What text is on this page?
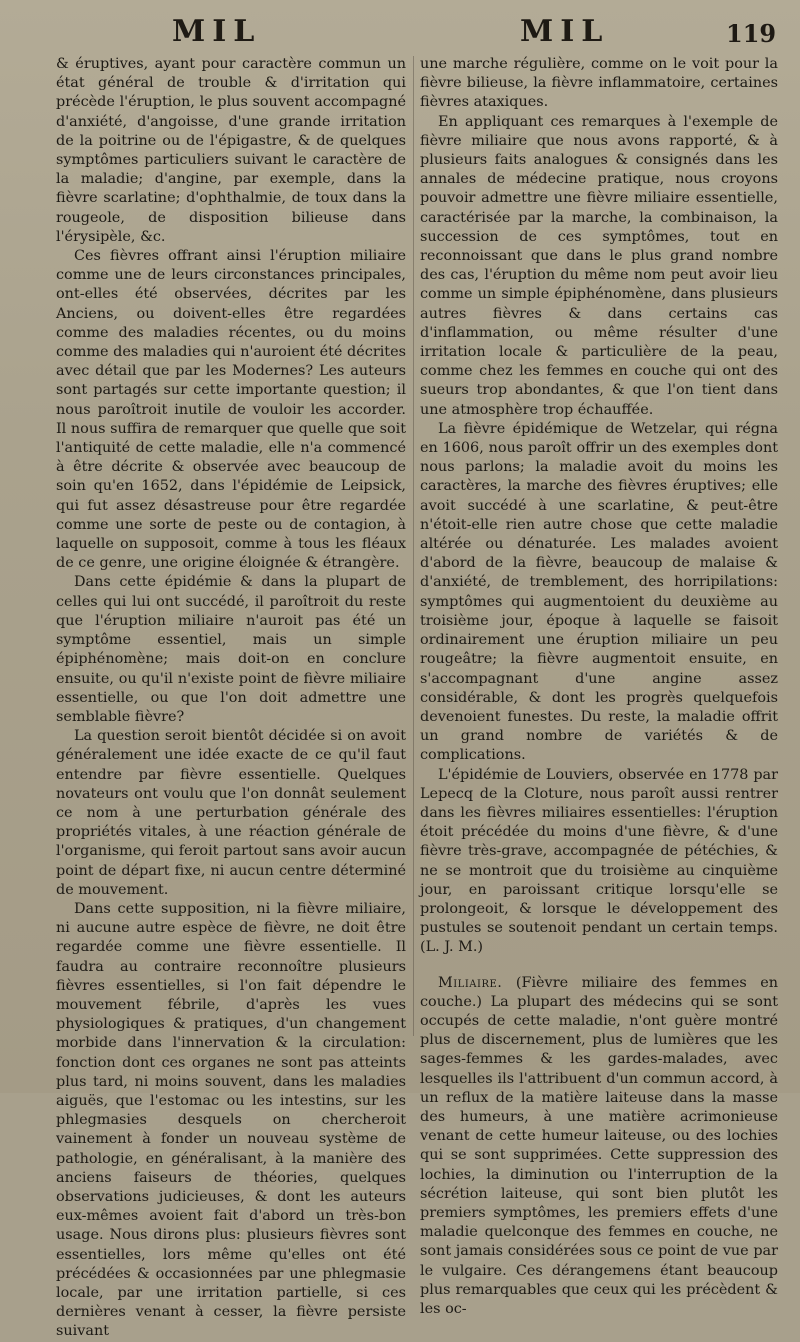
MIL	MIL	119

& éruptives, ayant pour caractère commun un état général de trouble & d'irritation qui précède l'éruption, le plus souvent accompagné d'anxiété, d'angoisse, d'une grande irritation de la poitrine ou de l'épigastre, & de quelques symptômes particuliers suivant le caractère de la maladie; d'angine, par exemple, dans la fièvre scarlatine; d'ophthalmie, de toux dans la rougeole, de disposition bilieuse dans l'érysipèle, &c.

Ces fièvres offrant ainsi l'éruption miliaire comme une de leurs circonstances principales, ont-elles été observées, décrites par les Anciens, ou doivent-elles être regardées comme des maladies récentes, ou du moins comme des maladies qui n'auroient été décrites avec détail que par les Modernes? Les auteurs sont partagés sur cette importante question; il nous paroîtroit inutile de vouloir les accorder. Il nous suffira de remarquer que quelle que soit l'antiquité de cette maladie, elle n'a commencé à être décrite & observée avec beaucoup de soin qu'en 1652, dans l'épidémie de Leipsick, qui fut assez désastreuse pour être regardée comme une sorte de peste ou de contagion, à laquelle on supposoit, comme à tous les fléaux de ce genre, une origine éloignée & étrangère.

Dans cette épidémie & dans la plupart de celles qui lui ont succédé, il paroîtroit du reste que l'éruption miliaire n'auroit pas été un symptôme essentiel, mais un simple épiphénomène; mais doit-on en conclure ensuite, ou qu'il n'existe point de fièvre miliaire essentielle, ou que l'on doit admettre une semblable fièvre?

La question seroit bientôt décidée si on avoit généralement une idée exacte de ce qu'il faut entendre par fièvre essentielle. Quelques novateurs ont voulu que l'on donnât seulement ce nom à une perturbation générale des propriétés vitales, à une réaction générale de l'organisme, qui feroit partout sans avoir aucun point de départ fixe, ni aucun centre déterminé de mouvement.

Dans cette supposition, ni la fièvre miliaire, ni aucune autre espèce de fièvre, ne doit être regardée comme une fièvre essentielle. Il faudra au contraire reconnoître plusieurs fièvres essentielles, si l'on fait dépendre le mouvement fébrile, d'après les vues physiologiques & pratiques, d'un changement morbide dans l'innervation & la circulation: fonction dont ces organes ne sont pas atteints plus tard, ni moins souvent, dans les maladies aiguës, que l'estomac ou les intestins, sur les phlegmasies desquels on chercheroit vainement à fonder un nouveau système de pathologie, en généralisant, à la manière des anciens faiseurs de théories, quelques observations judicieuses, & dont les auteurs eux-mêmes avoient fait d'abord un très-bon usage. Nous dirons plus: plusieurs fièvres sont essentielles, lors même qu'elles ont été précédées & occasionnées par une phlegmasie locale, par une irritation partielle, si ces dernières venant à cesser, la fièvre persiste suivant

une marche régulière, comme on le voit pour la fièvre bilieuse, la fièvre inflammatoire, certaines fièvres ataxiques.

En appliquant ces remarques à l'exemple de fièvre miliaire que nous avons rapporté, & à plusieurs faits analogues & consignés dans les annales de médecine pratique, nous croyons pouvoir admettre une fièvre miliaire essentielle, caractérisée par la marche, la combinaison, la succession de ces symptômes, tout en reconnoissant que dans le plus grand nombre des cas, l'éruption du même nom peut avoir lieu comme un simple épiphénomène, dans plusieurs autres fièvres & dans certains cas d'inflammation, ou même résulter d'une irritation locale & particulière de la peau, comme chez les femmes en couche qui ont des sueurs trop abondantes, & que l'on tient dans une atmosphère trop échauffée.

La fièvre épidémique de Wetzelar, qui régna en 1606, nous paroît offrir un des exemples dont nous parlons; la maladie avoit du moins les caractères, la marche des fièvres éruptives; elle avoit succédé à une scarlatine, & peut-être n'étoit-elle rien autre chose que cette maladie altérée ou dénaturée. Les malades avoient d'abord de la fièvre, beaucoup de malaise & d'anxiété, de tremblement, des horripilations: symptômes qui augmentoient du deuxième au troisième jour, époque à laquelle se faisoit ordinairement une éruption miliaire un peu rougeâtre; la fièvre augmentoit ensuite, en s'accompagnant d'une angine assez considérable, & dont les progrès quelquefois devenoient funestes. Du reste, la maladie offrit un grand nombre de variétés & de complications.

L'épidémie de Louviers, observée en 1778 par Lepecq de la Cloture, nous paroît aussi rentrer dans les fièvres miliaires essentielles: l'éruption étoit précédée du moins d'une fièvre, & d'une fièvre très-grave, accompagnée de pétéchies, & ne se montroit que du troisième au cinquième jour, en paroissant critique lorsqu'elle se prolongeoit, & lorsque le développement des pustules se soutenoit pendant un certain temps. (L. J. M.)

Miliaire. (Fièvre miliaire des femmes en couche.) La plupart des médecins qui se sont occupés de cette maladie, n'ont guère montré plus de discernement, plus de lumières que les sages-femmes & les gardes-malades, avec lesquelles ils l'attribuent d'un commun accord, à un reflux de la matière laiteuse dans la masse des humeurs, à une matière acrimonieuse venant de cette humeur laiteuse, ou des lochies qui se sont supprimées. Cette suppression des lochies, la diminution ou l'interruption de la sécrétion laiteuse, qui sont bien plutôt les premiers symptômes, les premiers effets d'une maladie quelconque des femmes en couche, ne sont jamais considérées sous ce point de vue par le vulgaire. Ces dérangemens étant beaucoup plus remarquables que ceux qui les précèdent & les oc-
